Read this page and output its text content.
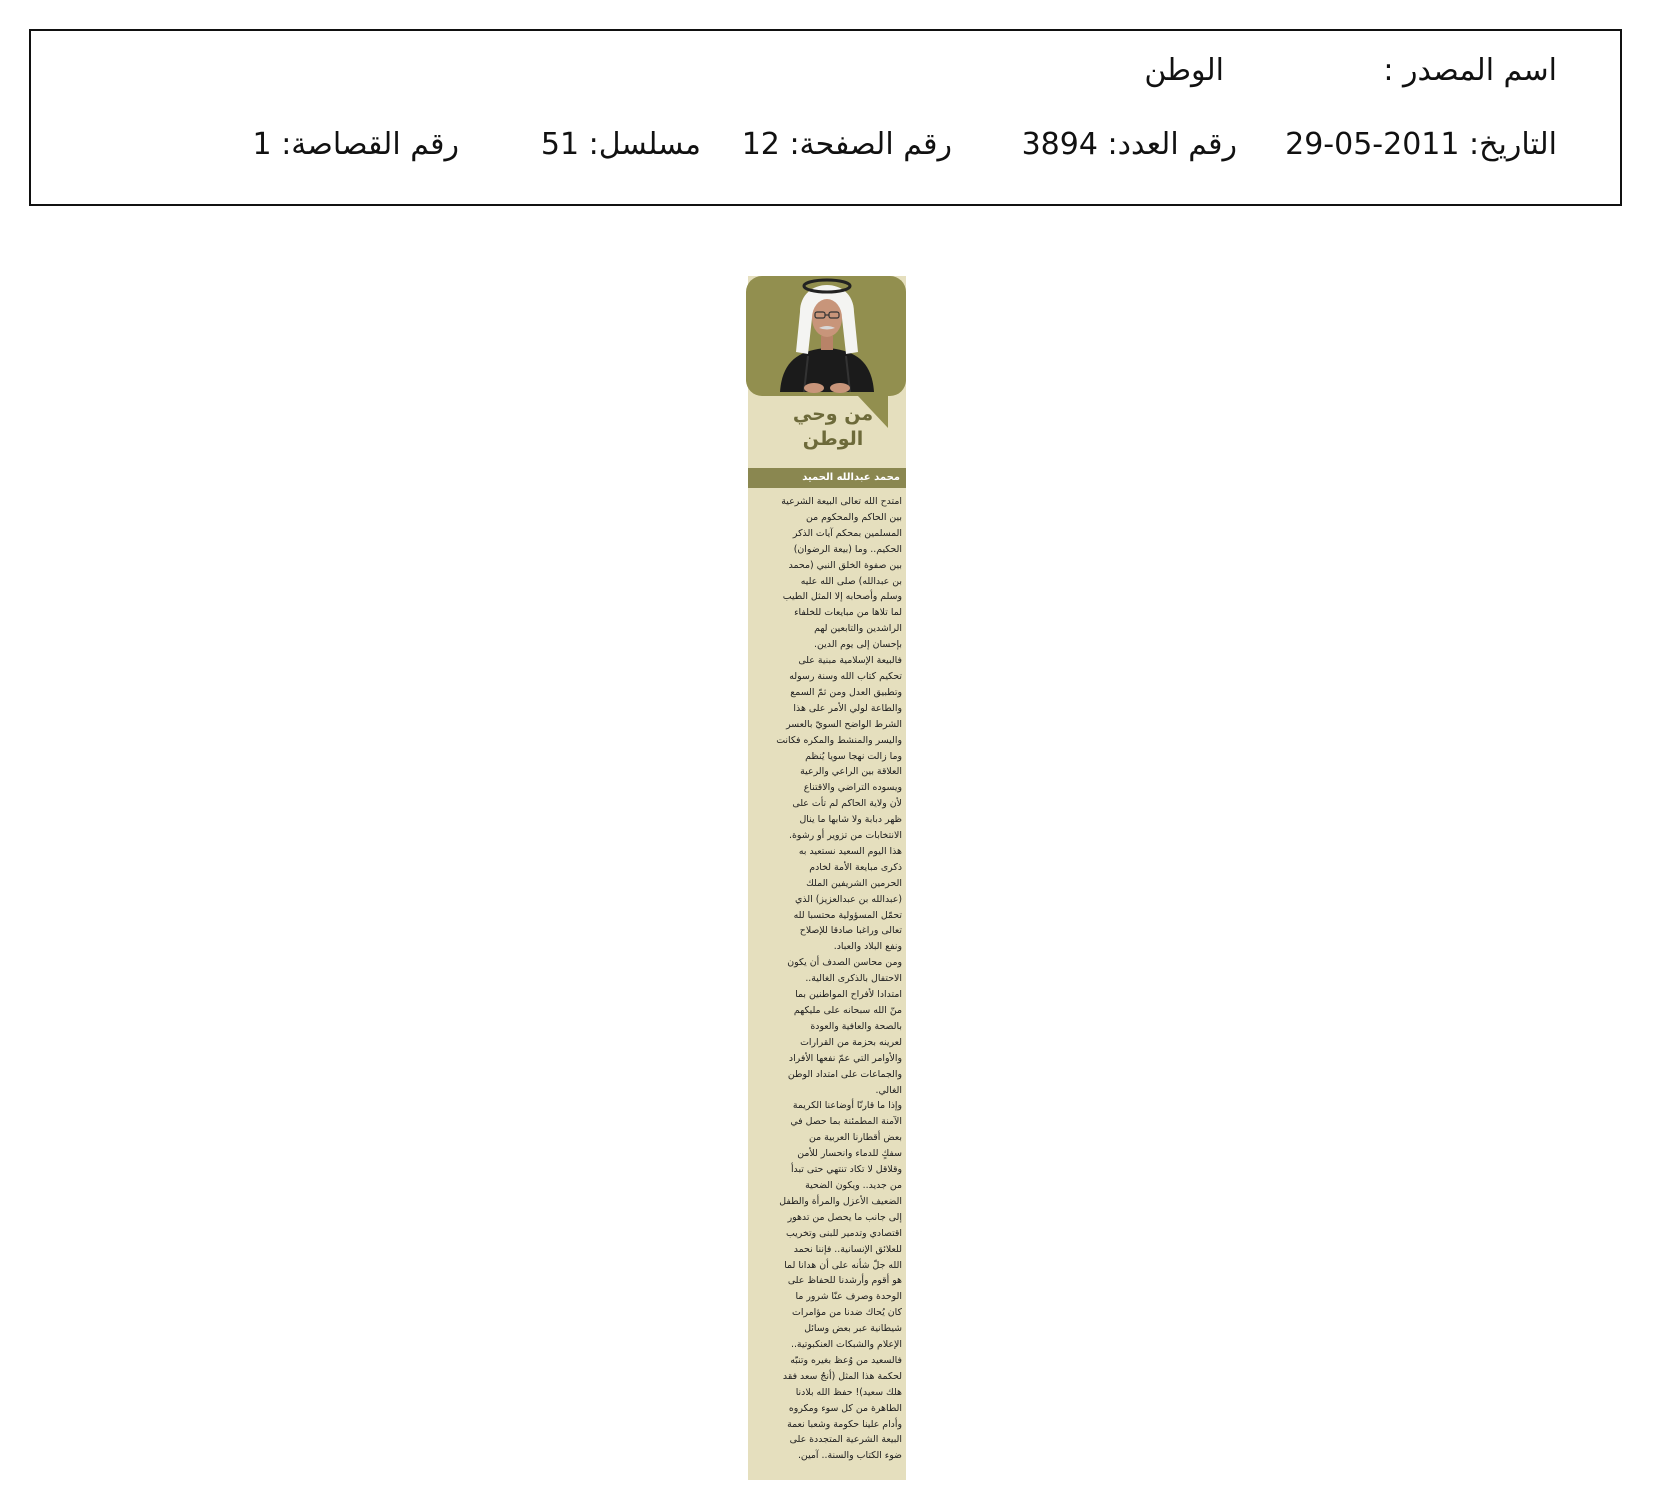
اسم المصدر :
الوطن
التاريخ: 29-05-2011
رقم العدد: 3894
رقم الصفحة: 12
مسلسل: 51
رقم القصاصة: 1
من وحي
الوطن
محمد عبدالله الحميد
امتدح الله تعالى البيعة الشرعية
بين الحاكم والمحكوم من
المسلمين بمحكم آيات الذكر
الحكيم.. وما (بيعة الرضوان)
بين صفوة الخلق النبي (محمد
بن عبدالله) صلى الله عليه
وسلم وأصحابه إلا المثل الطيب
لما تلاها من مبايعات للخلفاء
الراشدين والتابعين لهم
بإحسان إلى يوم الدين.
فالبيعة الإسلامية مبنية على
تحكيم كتاب الله وسنة رسوله
وتطبيق العدل ومن ثمّ السمع
والطاعة لولي الأمر على هذا
الشرط الواضح السويّ بالعسر
واليسر والمنشط والمكره فكانت
وما زالت نهجا سويا يُنظم
العلاقة بين الراعي والرعية
ويسوده التراضي والاقتناع
لأن ولاية الحاكم لم تأت على
ظهر دبابة ولا شابها ما ينال
الانتخابات من تزوير أو رشوة.
هذا اليوم السعيد نستعيد به
ذكرى مبايعة الأمة لخادم
الحرمين الشريفين الملك
(عبدالله بن عبدالعزيز) الذي
تحمّل المسؤولية محتسبا لله
تعالى وراغبا صادقا للإصلاح
ونفع البلاد والعباد.
ومن محاسن الصدف أن يكون
الاحتفال بالذكرى الغالية..
امتدادا لأفراح المواطنين بما
منّ الله سبحانه على مليكهم
بالصحة والعافية والعودة
لعرينه بحزمة من القرارات
والأوامر التي عمّ نفعها الأفراد
والجماعات على امتداد الوطن
الغالي.
وإذا ما قارنّا أوضاعنا الكريمة
الآمنة المطمئنة بما حصل في
بعض أقطارنا العربية من
سفكٍ للدماء وانحسار للأمن
وقلاقل لا تكاد تنتهي حتى تبدأ
من جديد.. ويكون الضحية
الضعيف الأعزل والمرأة والطفل
إلى جانب ما يحصل من تدهور
اقتصادي وتدمير للبنى وتخريب
للعلائق الإنسانية.. فإننا نحمد
الله جلّ شأنه على أن هدانا لما
هو أقوم وأرشدنا للحفاظ على
الوحدة وصرف عنّا شرور ما
كان يُحاك ضدنا من مؤامرات
شيطانية عبر بعض وسائل
الإعلام والشبكات العنكبوتية..
فالسعيد من وُعظ بغيره وتنبّه
لحكمة هذا المثل (أنجُ سعد فقد
هلك سعيد)! حفظ الله بلادنا
الطاهرة من كل سوء ومكروه
وأدام علينا حكومة وشعبا نعمة
البيعة الشرعية المتجددة على
ضوء الكتاب والسنة.. آمين.
